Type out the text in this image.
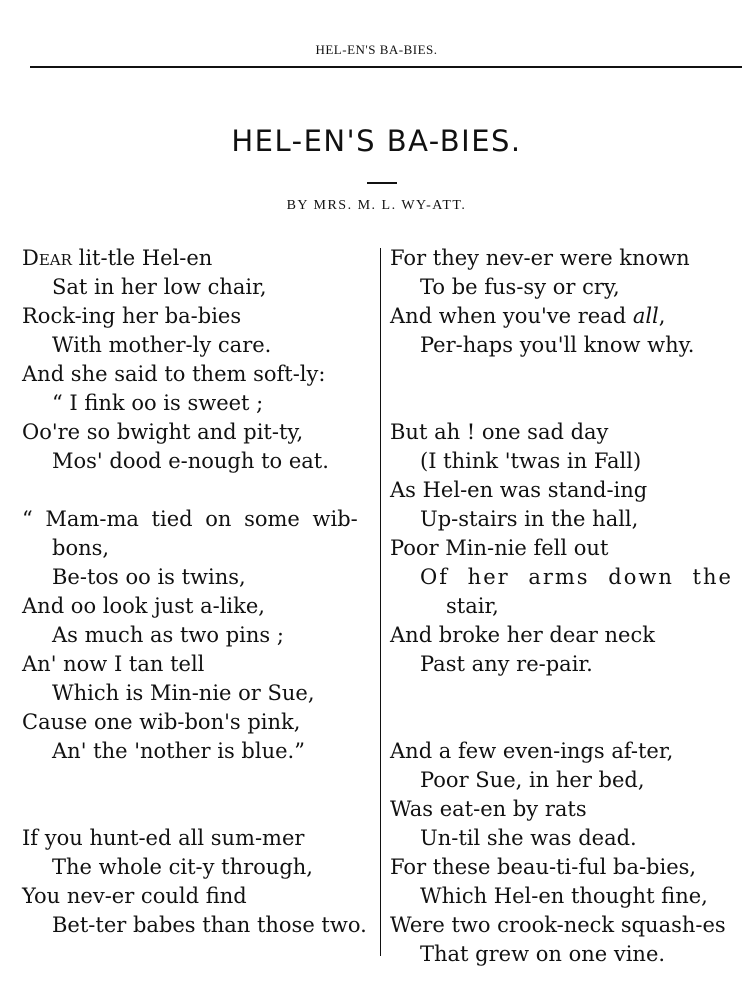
HEL-EN'S BA-BIES.
HEL-EN'S BA-BIES.
BY MRS. M. L. WY-ATT.
Dear lit-tle Hel-en
Sat in her low chair,
Rock-ing her ba-bies
With mother-ly care.
And she said to them soft-ly:
“ I fink oo is sweet ;
Oo're so bwight and pit-ty,
Mos' dood e-nough to eat.
“ Mam-ma tied on some wib-
bons,
Be-tos oo is twins,
And oo look just a-like,
As much as two pins ;
An' now I tan tell
Which is Min-nie or Sue,
Cause one wib-bon's pink,
An' the 'nother is blue.”
If you hunt-ed all sum-mer
The whole cit-y through,
You nev-er could find
Bet-ter babes than those two.
For they nev-er were known
To be fus-sy or cry,
And when you've read all,
Per-haps you'll know why.
But ah ! one sad day
(I think 'twas in Fall)
As Hel-en was stand-ing
Up-stairs in the hall,
Poor Min-nie fell out
Of her arms down the
stair,
And broke her dear neck
Past any re-pair.
And a few even-ings af-ter,
Poor Sue, in her bed,
Was eat-en by rats
Un-til she was dead.
For these beau-ti-ful ba-bies,
Which Hel-en thought fine,
Were two crook-neck squash-es
That grew on one vine.
